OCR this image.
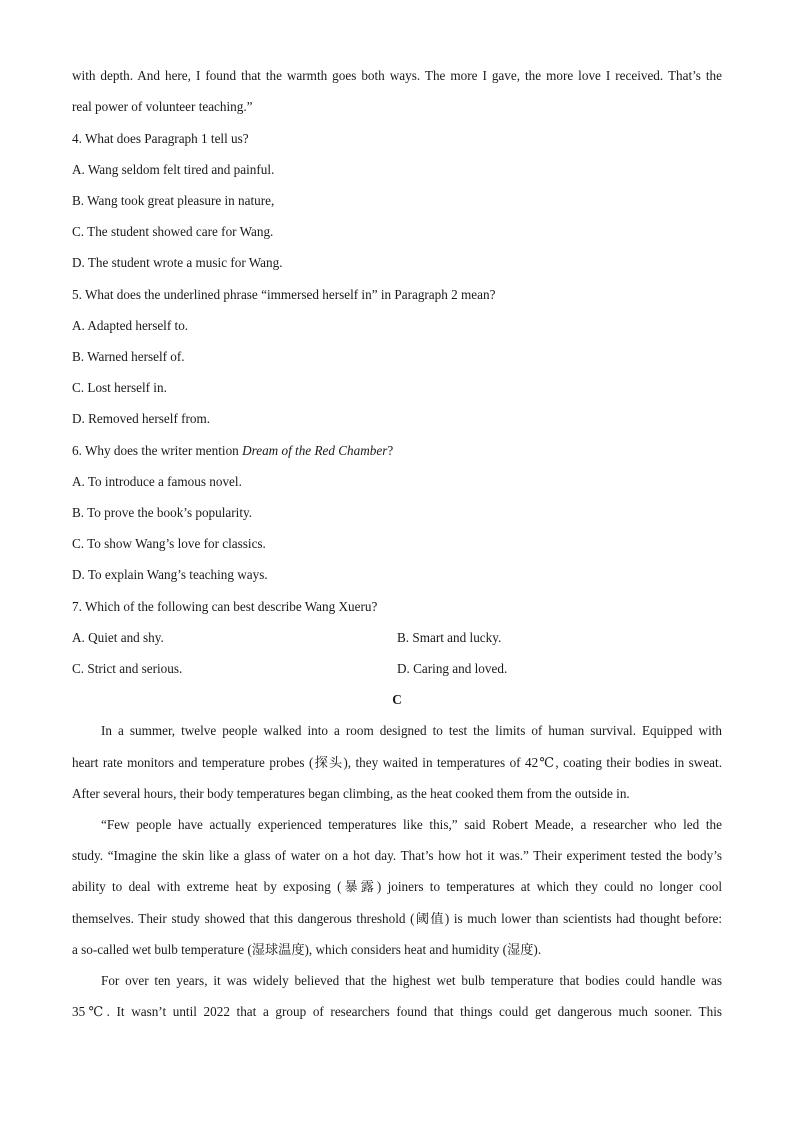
with depth. And here, I found that the warmth goes both ways. The more I gave, the more love I received. That’s the
real power of volunteer teaching.”
4. What does Paragraph 1 tell us?
A. Wang seldom felt tired and painful.
B. Wang took great pleasure in nature,
C. The student showed care for Wang.
D. The student wrote a music for Wang.
5. What does the underlined phrase “immersed herself in” in Paragraph 2 mean?
A. Adapted herself to.
B. Warned herself of.
C. Lost herself in.
D. Removed herself from.
6. Why does the writer mention Dream of the Red Chamber?
A. To introduce a famous novel.
B. To prove the book’s popularity.
C. To show Wang’s love for classics.
D. To explain Wang’s teaching ways.
7. Which of the following can best describe Wang Xueru?
A. Quiet and shy.	B. Smart and lucky.
C. Strict and serious.	D. Caring and loved.
C
In a summer, twelve people walked into a room designed to test the limits of human survival. Equipped with
heart rate monitors and temperature probes (探头), they waited in temperatures of 42℃, coating their bodies in sweat.
After several hours, their body temperatures began climbing, as the heat cooked them from the outside in.
“Few people have actually experienced temperatures like this,” said Robert Meade, a researcher who led the
study. “Imagine the skin like a glass of water on a hot day. That’s how hot it was.” Their experiment tested the body’s
ability to deal with extreme heat by exposing (暴露) joiners to temperatures at which they could no longer cool
themselves. Their study showed that this dangerous threshold (阈值) is much lower than scientists had thought before:
a so-called wet bulb temperature (湿球温度), which considers heat and humidity (湿度).
For over ten years, it was widely believed that the highest wet bulb temperature that bodies could handle was
35℃. It wasn’t until 2022 that a group of researchers found that things could get dangerous much sooner. This
